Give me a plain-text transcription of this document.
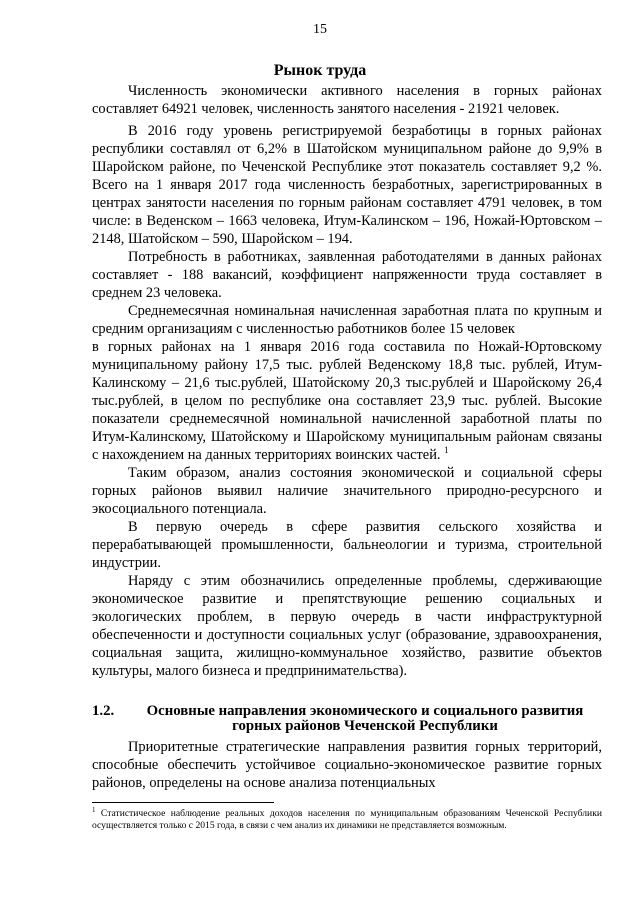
15
Рынок труда

Численность экономически активного населения в горных районах составляет 64921 человек, численность занятого населения - 21921 человек.

В 2016 году уровень регистрируемой безработицы в горных районах республики составлял от 6,2% в Шатойском муниципальном районе до 9,9% в Шаройском районе, по Чеченской Республике этот показатель составляет 9,2 %. Всего на 1 января 2017 года численность безработных, зарегистрированных в центрах занятости населения по горным районам составляет 4791 человек, в том числе: в Веденском – 1663 человека, Итум-Калинском – 196, Ножай-Юртовском – 2148, Шатойском – 590, Шаройском – 194.

Потребность в работниках, заявленная работодателями в данных районах составляет - 188 вакансий, коэффициент напряженности труда составляет в среднем 23 человека.

Среднемесячная номинальная начисленная заработная плата по крупным и средним организациям с численностью работников более 15 человек

в горных районах на 1 января 2016 года составила по Ножай-Юртовскому муниципальному району 17,5 тыс. рублей Веденскому 18,8 тыс. рублей, Итум-Калинскому – 21,6 тыс.рублей, Шатойскому 20,3 тыс.рублей и Шаройскому 26,4 тыс.рублей, в целом по республике она составляет 23,9 тыс. рублей. Высокие показатели среднемесячной номинальной начисленной заработной платы по Итум-Калинскому, Шатойскому и Шаройскому муниципальным районам связаны с нахождением на данных территориях воинских частей. $^1$

Таким образом, анализ состояния экономической и социальной сферы горных районов выявил наличие значительного природно-ресурсного и экосоциального потенциала.

В первую очередь в сфере развития сельского хозяйства и перерабатывающей промышленности, бальнеологии и туризма, строительной индустрии.

Наряду с этим обозначились определенные проблемы, сдерживающие экономическое развитие и препятствующие решению социальных и экологических проблем, в первую очередь в части инфраструктурной обеспеченности и доступности социальных услуг (образование, здравоохранения, социальная защита, жилищно-коммунальное хозяйство, развитие объектов культуры, малого бизнеса и предпринимательства).

1.2.	Основные направления экономического и социального развития горных районов Чеченской Республики

Приоритетные стратегические направления развития горных территорий, способные обеспечить устойчивое социально-экономическое развитие горных районов, определены на основе анализа потенциальных

$^1$ Статистическое наблюдение реальных доходов населения по муниципальным образованиям Чеченской Республики осуществляется только с 2015 года, в связи с чем анализ их динамики не представляется возможным.
